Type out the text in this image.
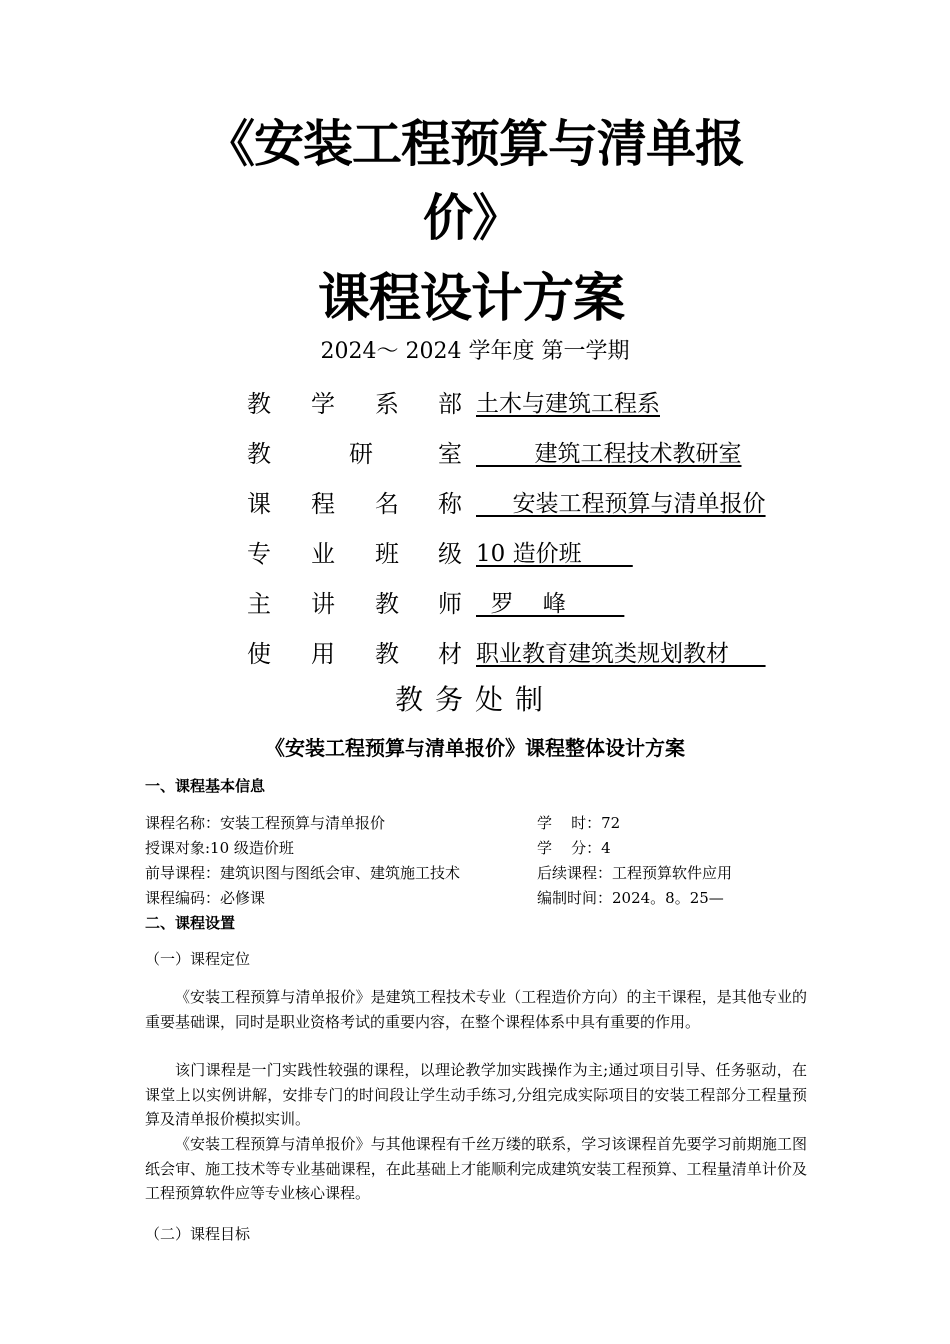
《安装工程预算与清单报
价》
课程设计方案
2024～ 2024 学年度 第一学期
教 学 系 部 土木与建筑工程系
教	研	室 建筑工程技术教研室
课 程 名 称 安装工程预算与清单报价
专 业 班 级 10 造价班
主 讲 教 师 罗    峰
使 用 教 材 职业教育建筑类规划教材
教务处制
《安装工程预算与清单报价》课程整体设计方案
一、课程基本信息
课程名称：安装工程预算与清单报价	学    时：72
授课对象:10 级造价班	学    分：4
前导课程：建筑识图与图纸会审、建筑施工技术	后续课程：工程预算软件应用
课程编码：必修课	编制时间：2024。8。25—
二、课程设置
（一）课程定位
《安装工程预算与清单报价》是建筑工程技术专业（工程造价方向）的主干课程，是其他专业的重要基础课，同时是职业资格考试的重要内容，在整个课程体系中具有重要的作用。
该门课程是一门实践性较强的课程，以理论教学加实践操作为主;通过项目引导、任务驱动，在课堂上以实例讲解，安排专门的时间段让学生动手练习,分组完成实际项目的安装工程部分工程量预算及清单报价模拟实训。
《安装工程预算与清单报价》与其他课程有千丝万缕的联系，学习该课程首先要学习前期施工图纸会审、施工技术等专业基础课程，在此基础上才能顺利完成建筑安装工程预算、工程量清单计价及工程预算软件应等专业核心课程。
（二）课程目标
